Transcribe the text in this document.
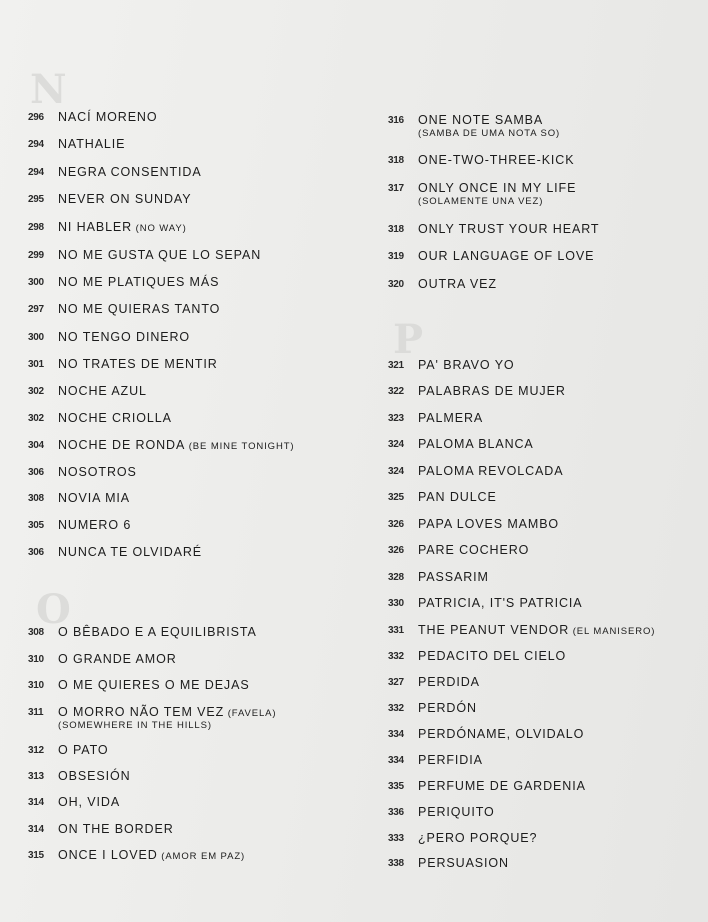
N
P
O
296	NACÍ MORENO
294	NATHALIE
294	NEGRA CONSENTIDA
295	NEVER ON SUNDAY
298	NI HABLER (NO WAY)
299	NO ME GUSTA QUE LO SEPAN
300	NO ME PLATIQUES MÁS
297	NO ME QUIERAS TANTO
300	NO TENGO DINERO
301	NO TRATES DE MENTIR
302	NOCHE AZUL
302	NOCHE CRIOLLA
304	NOCHE DE RONDA (BE MINE TONIGHT)
306	NOSOTROS
308	NOVIA MIA
305	NUMERO 6
306	NUNCA TE OLVIDARÉ
308	O BÊBADO E A EQUILIBRISTA
310	O GRANDE AMOR
310	O ME QUIERES O ME DEJAS
311	O MORRO NÃO TEM VEZ (FAVELA)
(SOMEWHERE IN THE HILLS)
312	O PATO
313	OBSESIÓN
314	OH, VIDA
314	ON THE BORDER
315	ONCE I LOVED (AMOR EM PAZ)
316	ONE NOTE SAMBA
(SAMBA DE UMA NOTA SO)
318	ONE-TWO-THREE-KICK
317	ONLY ONCE IN MY LIFE
(SOLAMENTE UNA VEZ)
318	ONLY TRUST YOUR HEART
319	OUR LANGUAGE OF LOVE
320	OUTRA VEZ
321	PA' BRAVO YO
322	PALABRAS DE MUJER
323	PALMERA
324	PALOMA BLANCA
324	PALOMA REVOLCADA
325	PAN DULCE
326	PAPA LOVES MAMBO
326	PARE COCHERO
328	PASSARIM
330	PATRICIA, IT'S PATRICIA
331	THE PEANUT VENDOR (EL MANISERO)
332	PEDACITO DEL CIELO
327	PERDIDA
332	PERDÓN
334	PERDÓNAME, OLVIDALO
334	PERFIDIA
335	PERFUME DE GARDENIA
336	PERIQUITO
333	¿PERO PORQUE?
338	PERSUASION
